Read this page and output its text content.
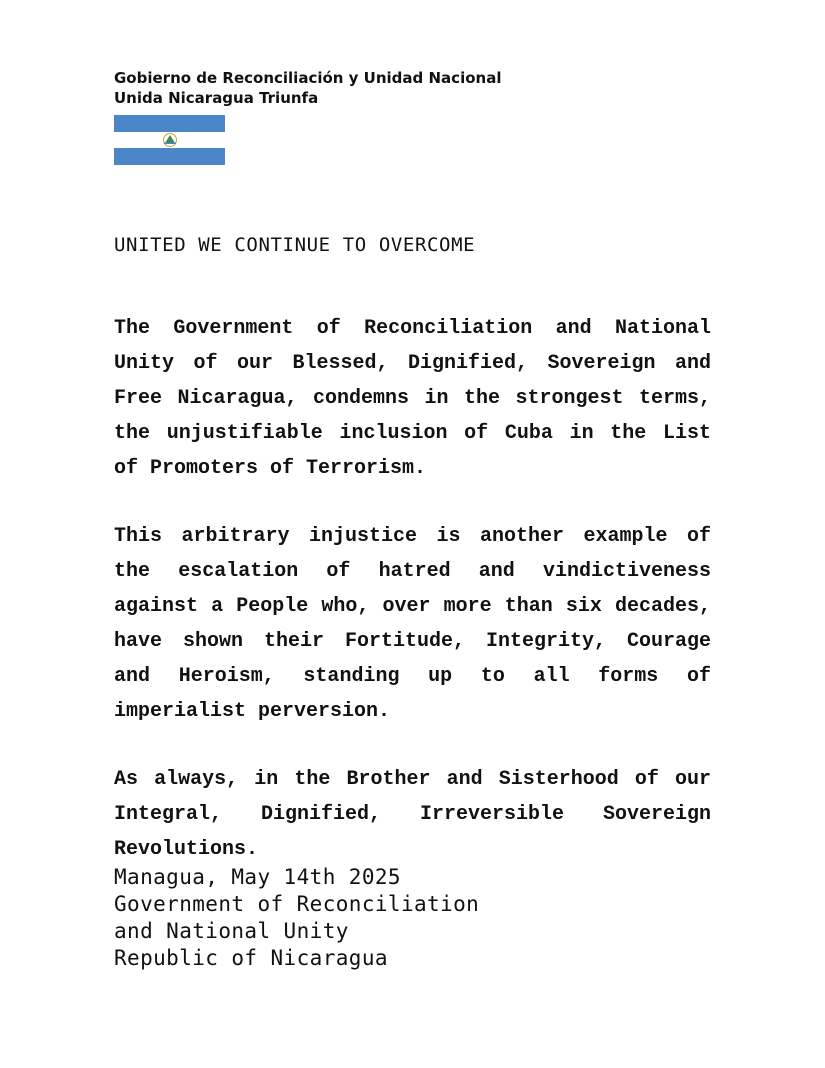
Gobierno de Reconciliación y Unidad Nacional
Unida Nicaragua Triunfa
UNITED WE CONTINUE TO OVERCOME
The Government of Reconciliation and National Unity of our Blessed, Dignified, Sovereign and Free Nicaragua, condemns in the strongest terms, the unjustifiable inclusion of Cuba in the List of Promoters of Terrorism.
This arbitrary injustice is another example of the escalation of hatred and vindictiveness against a People who, over more than six decades, have shown their Fortitude, Integrity, Courage and Heroism, standing up to all forms of imperialist perversion.
As always, in the Brother and Sisterhood of our Integral, Dignified, Irreversible Sovereign Revolutions.
Managua, May 14th 2025
Government of Reconciliation
and National Unity
Republic of Nicaragua
